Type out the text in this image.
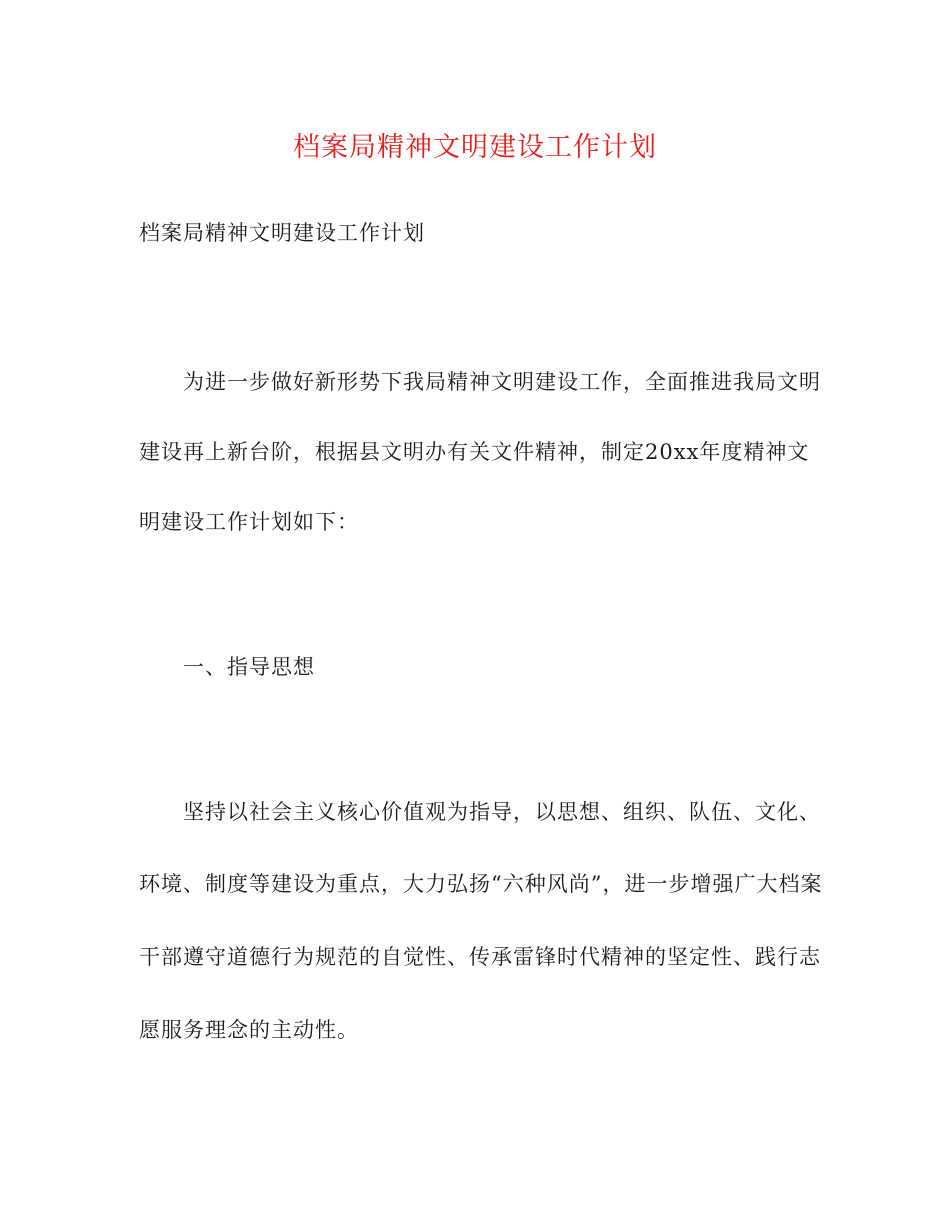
档案局精神文明建设工作计划
档案局精神文明建设工作计划
为进一步做好新形势下我局精神文明建设工作，全面推进我局文明
建设再上新台阶，根据县文明办有关文件精神，制定20xx年度精神文
明建设工作计划如下：
一、指导思想
坚持以社会主义核心价值观为指导，以思想、组织、队伍、文化、
环境、制度等建设为重点，大力弘扬“六种风尚”，进一步增强广大档案
干部遵守道德行为规范的自觉性、传承雷锋时代精神的坚定性、践行志
愿服务理念的主动性。
